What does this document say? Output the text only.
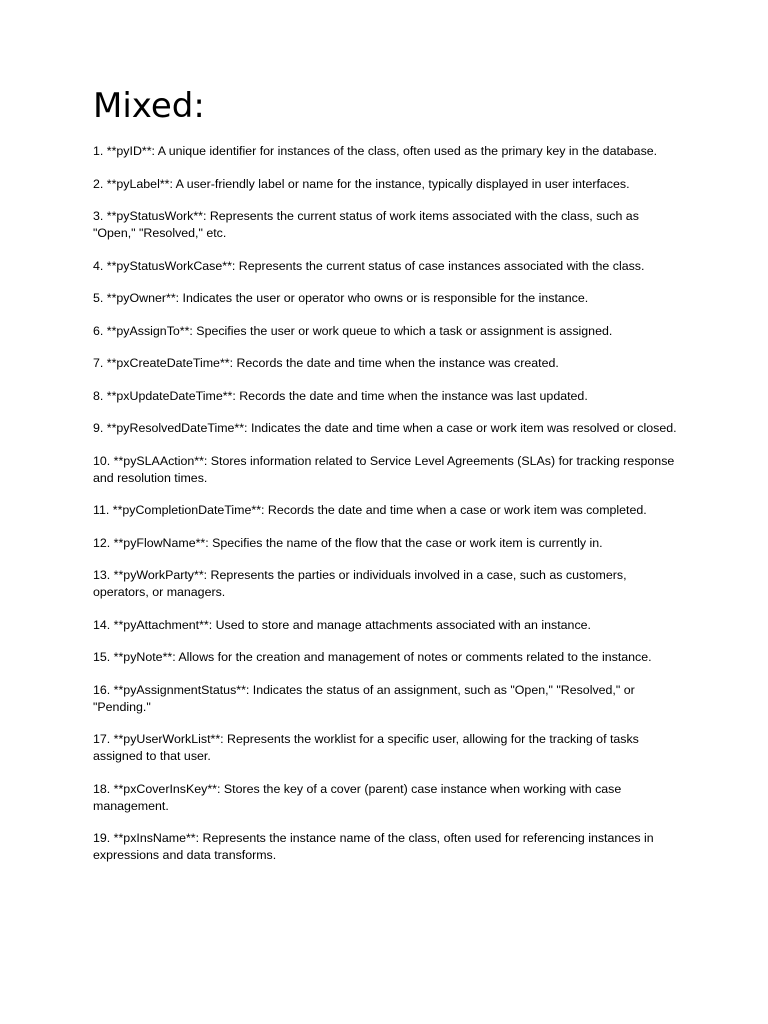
Mixed:

1. **pyID**: A unique identifier for instances of the class, often used as the primary key in the database.

2. **pyLabel**: A user-friendly label or name for the instance, typically displayed in user interfaces.

3. **pyStatusWork**: Represents the current status of work items associated with the class, such as "Open," "Resolved," etc.

4. **pyStatusWorkCase**: Represents the current status of case instances associated with the class.

5. **pyOwner**: Indicates the user or operator who owns or is responsible for the instance.

6. **pyAssignTo**: Specifies the user or work queue to which a task or assignment is assigned.

7. **pxCreateDateTime**: Records the date and time when the instance was created.

8. **pxUpdateDateTime**: Records the date and time when the instance was last updated.

9. **pyResolvedDateTime**: Indicates the date and time when a case or work item was resolved or closed.

10. **pySLAAction**: Stores information related to Service Level Agreements (SLAs) for tracking response and resolution times.

11. **pyCompletionDateTime**: Records the date and time when a case or work item was completed.

12. **pyFlowName**: Specifies the name of the flow that the case or work item is currently in.

13. **pyWorkParty**: Represents the parties or individuals involved in a case, such as customers, operators, or managers.

14. **pyAttachment**: Used to store and manage attachments associated with an instance.

15. **pyNote**: Allows for the creation and management of notes or comments related to the instance.

16. **pyAssignmentStatus**: Indicates the status of an assignment, such as "Open," "Resolved," or "Pending."

17. **pyUserWorkList**: Represents the worklist for a specific user, allowing for the tracking of tasks assigned to that user.

18. **pxCoverInsKey**: Stores the key of a cover (parent) case instance when working with case management.

19. **pxInsName**: Represents the instance name of the class, often used for referencing instances in expressions and data transforms.
